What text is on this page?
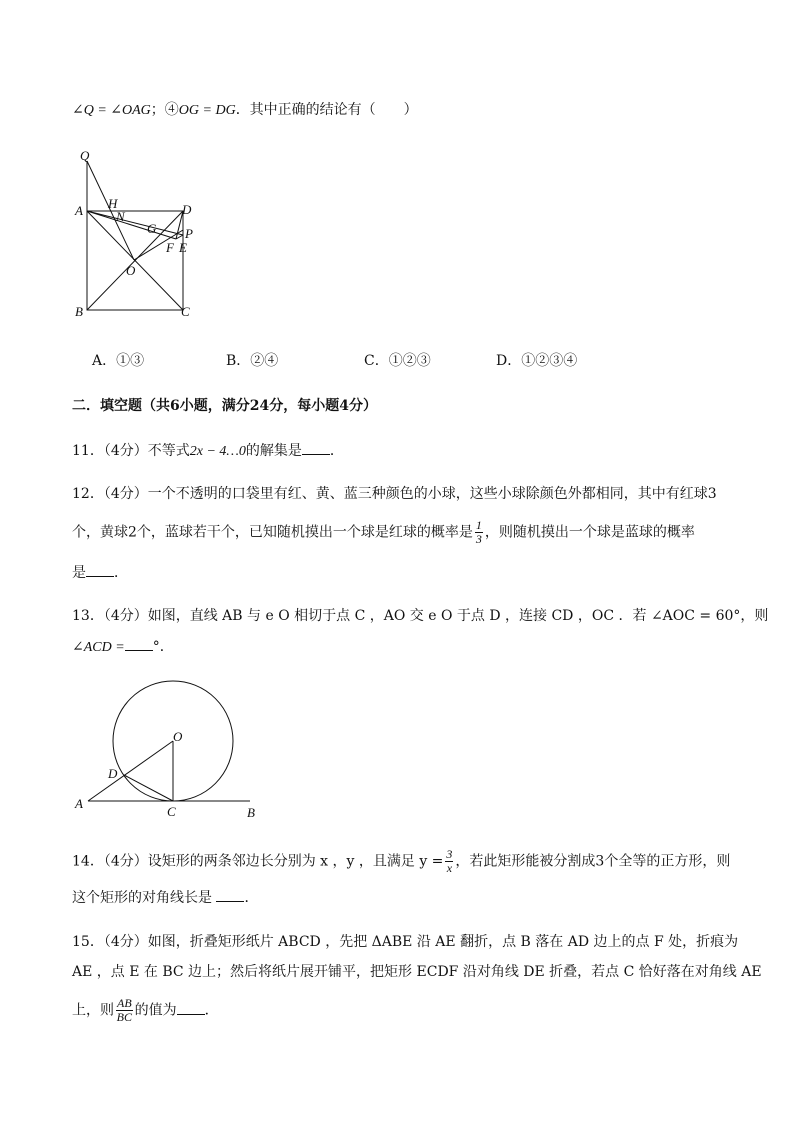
∠Q = ∠OAG；④OG = DG．其中正确的结论有（　　）
Q
A H
N	D
G P
F E
O
B	C
A．①③	B．②④	C．①②③	D．①②③④
二．填空题（共6小题，满分24分，每小题4分）
11．（4分）不等式2x − 4…0的解集是 ．
12．（4分）一个不透明的口袋里有红、黄、蓝三种颜色的小球，这些小球除颜色外都相同，其中有红球3
个，黄球2个，蓝球若干个，已知随机摸出一个球是红球的概率是 $\frac{1}{3}$ ，则随机摸出一个球是蓝球的概率
是 ．
13．（4分）如图，直线 AB 与 e O 相切于点 C ，AO 交 e O 于点 D ，连接 CD ，OC ．若 ∠AOC = 60°，则
∠ACD = °．
O
D
A
C	B
14．（4分）设矩形的两条邻边长分别为 x ，y ，且满足 $y = \frac{3}{x}$ ，若此矩形能被分割成3个全等的正方形，则
这个矩形的对角线长是 ．
15．（4分）如图，折叠矩形纸片 ABCD ，先把 ΔABE 沿 AE 翻折，点 B 落在 AD 边上的点 F 处，折痕为
AE ，点 E 在 BC 边上；然后将纸片展开铺平，把矩形 ECDF 沿对角线 DE 折叠，若点 C 恰好落在对角线 AE
上，则 $\frac{AB}{BC}$ 的值为 ．
